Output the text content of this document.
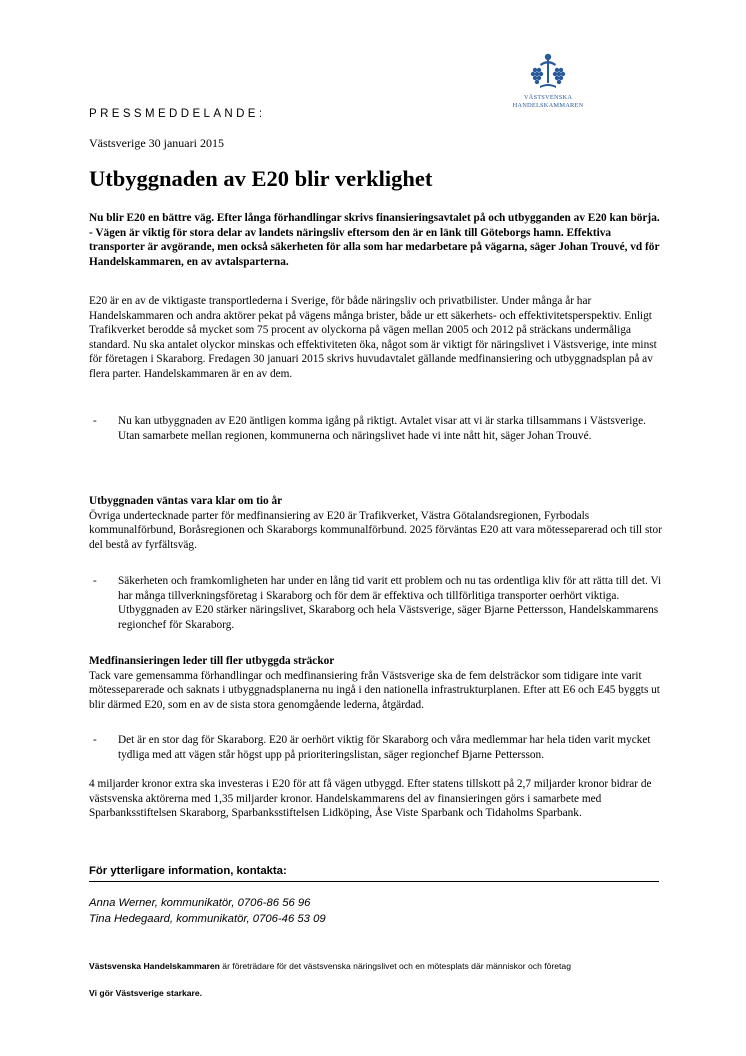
VÄSTSVENSKA
HANDELSKAMMAREN
PRESSMEDDELANDE:
Västsverige 30 januari 2015
Utbyggnaden av E20 blir verklighet
Nu blir E20 en bättre väg. Efter långa förhandlingar skrivs finansieringsavtalet på och utbygganden av E20 kan börja.
- Vägen är viktig för stora delar av landets näringsliv eftersom den är en länk till Göteborgs hamn. Effektiva transporter är avgörande, men också säkerheten för alla som har medarbetare på vägarna, säger Johan Trouvé, vd för Handelskammaren, en av avtalsparterna.

E20 är en av de viktigaste transportlederna i Sverige, för både näringsliv och privatbilister. Under många år har Handelskammaren och andra aktörer pekat på vägens många brister, både ur ett säkerhets- och effektivitetsperspektiv. Enligt Trafikverket berodde så mycket som 75 procent av olyckorna på vägen mellan 2005 och 2012 på sträckans undermåliga standard. Nu ska antalet olyckor minskas och effektiviteten öka, något som är viktigt för näringslivet i Västsverige, inte minst för företagen i Skaraborg. Fredagen 30 januari 2015 skrivs huvudavtalet gällande medfinansiering och utbyggnadsplan på av flera parter. Handelskammaren är en av dem.

- Nu kan utbyggnaden av E20 äntligen komma igång på riktigt. Avtalet visar att vi är starka tillsammans i Västsverige. Utan samarbete mellan regionen, kommunerna och näringslivet hade vi inte nått hit, säger Johan Trouvé.
Utbyggnaden väntas vara klar om tio år
Övriga undertecknade parter för medfinansiering av E20 är Trafikverket, Västra Götalandsregionen, Fyrbodals kommunalförbund, Boråsregionen och Skaraborgs kommunalförbund. 2025 förväntas E20 att vara mötesseparerad och till stor del bestå av fyrfältsväg.
- Säkerheten och framkomligheten har under en lång tid varit ett problem och nu tas ordentliga kliv för att rätta till det. Vi har många tillverkningsföretag i Skaraborg och för dem är effektiva och tillförlitiga transporter oerhört viktiga. Utbyggnaden av E20 stärker näringslivet, Skaraborg och hela Västsverige, säger Bjarne Pettersson, Handelskammarens regionchef för Skaraborg.
Medfinansieringen leder till fler utbyggda sträckor
Tack vare gemensamma förhandlingar och medfinansiering från Västsverige ska de fem delsträckor som tidigare inte varit mötesseparerade och saknats i utbyggnadsplanerna nu ingå i den nationella infrastrukturplanen. Efter att E6 och E45 byggts ut blir därmed E20, som en av de sista stora genomgående lederna, åtgärdad.
- Det är en stor dag för Skaraborg. E20 är oerhört viktig för Skaraborg och våra medlemmar har hela tiden varit mycket tydliga med att vägen står högst upp på prioriteringslistan, säger regionchef Bjarne Pettersson.

4 miljarder kronor extra ska investeras i E20 för att få vägen utbyggd. Efter statens tillskott på 2,7 miljarder kronor bidrar de västsvenska aktörerna med 1,35 miljarder kronor. Handelskammarens del av finansieringen görs i samarbete med Sparbanksstiftelsen Skaraborg, Sparbanksstiftelsen Lidköping, Åse Viste Sparbank och Tidaholms Sparbank.

För ytterligare information, kontakta:
Anna Werner, kommunikatör, 0706-86 56 96
Tina Hedegaard, kommunikatör, 0706-46 53 09
Västsvenska Handelskammaren är företrädare för det västsvenska näringslivet och en mötesplats där människor och företag
Vi gör Västsverige starkare.
